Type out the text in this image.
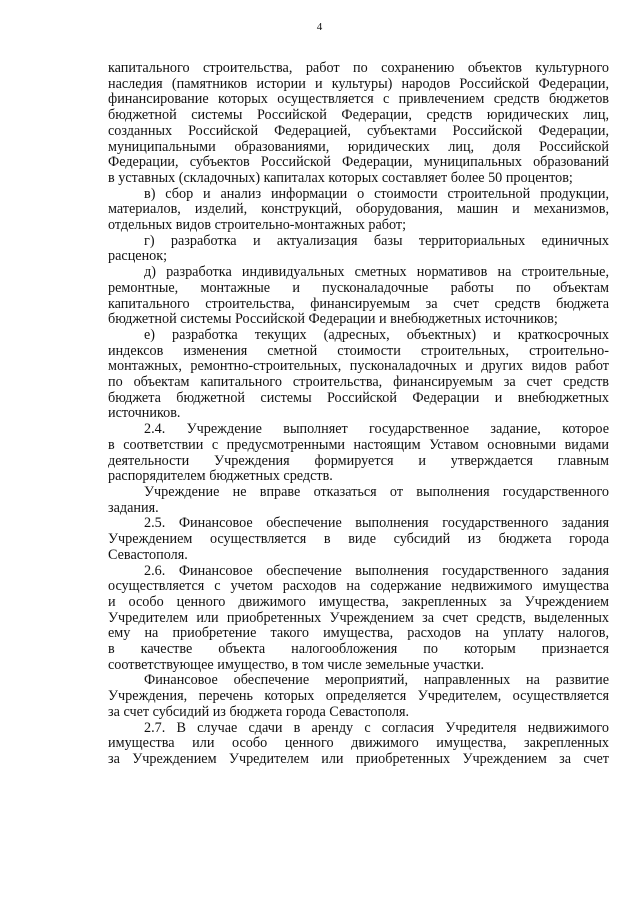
4
капитального строительства, работ по сохранению объектов культурного
наследия (памятников истории и культуры) народов Российской Федерации,
финансирование которых осуществляется с привлечением средств бюджетов
бюджетной системы Российской Федерации, средств юридических лиц,
созданных Российской Федерацией, субъектами Российской Федерации,
муниципальными образованиями, юридических лиц, доля Российской
Федерации, субъектов Российской Федерации, муниципальных образований
в уставных (складочных) капиталах которых составляет более 50 процентов;
в) сбор и анализ информации о стоимости строительной продукции,
материалов, изделий, конструкций, оборудования, машин и механизмов,
отдельных видов строительно-монтажных работ;
г) разработка и актуализация базы территориальных единичных
расценок;
д) разработка индивидуальных сметных нормативов на строительные,
ремонтные, монтажные и пусконаладочные работы по объектам
капитального строительства, финансируемым за счет средств бюджета
бюджетной системы Российской Федерации и внебюджетных источников;
е) разработка текущих (адресных, объектных) и краткосрочных
индексов изменения сметной стоимости строительных, строительно-
монтажных, ремонтно-строительных, пусконаладочных и других видов работ
по объектам капитального строительства, финансируемым за счет средств
бюджета бюджетной системы Российской Федерации и внебюджетных
источников.
2.4. Учреждение выполняет государственное задание, которое
в соответствии с предусмотренными настоящим Уставом основными видами
деятельности Учреждения формируется и утверждается главным
распорядителем бюджетных средств.
Учреждение не вправе отказаться от выполнения государственного
задания.
2.5. Финансовое обеспечение выполнения государственного задания
Учреждением осуществляется в виде субсидий из бюджета города
Севастополя.
2.6. Финансовое обеспечение выполнения государственного задания
осуществляется с учетом расходов на содержание недвижимого имущества
и особо ценного движимого имущества, закрепленных за Учреждением
Учредителем или приобретенных Учреждением за счет средств, выделенных
ему на приобретение такого имущества, расходов на уплату налогов,
в качестве объекта налогообложения по которым признается
соответствующее имущество, в том числе земельные участки.
Финансовое обеспечение мероприятий, направленных на развитие
Учреждения, перечень которых определяется Учредителем, осуществляется
за счет субсидий из бюджета города Севастополя.
2.7. В случае сдачи в аренду с согласия Учредителя недвижимого
имущества или особо ценного движимого имущества, закрепленных
за Учреждением Учредителем или приобретенных Учреждением за счет
